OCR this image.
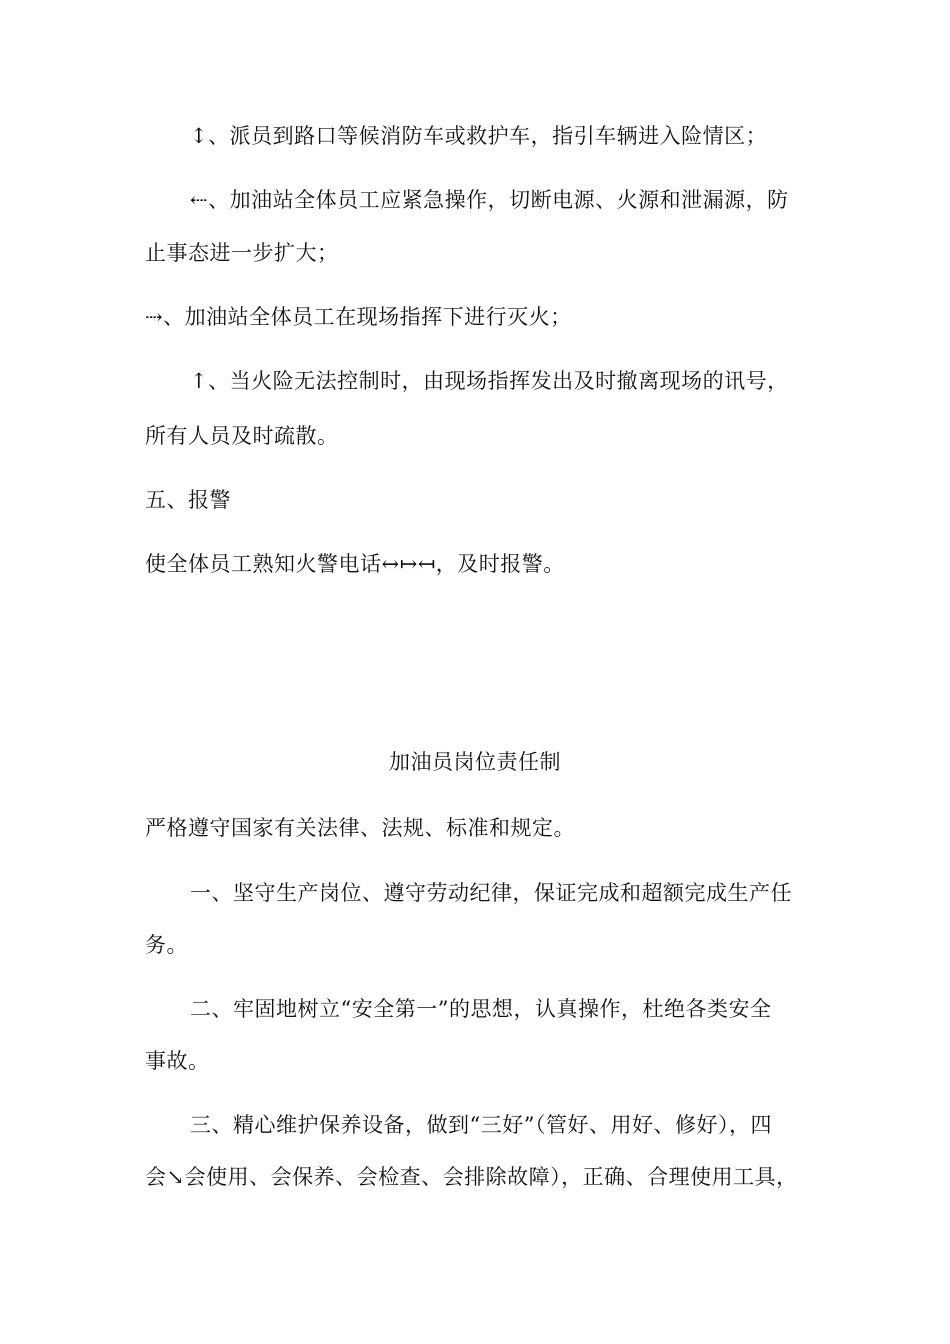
↕、派员到路口等候消防车或救护车，指引车辆进入险情区；
⇠、加油站全体员工应紧急操作，切断电源、火源和泄漏源，防
止事态进一步扩大；
⇢、加油站全体员工在现场指挥下进行灭火；
↑、当火险无法控制时，由现场指挥发出及时撤离现场的讯号，
所有人员及时疏散。
五、报警
使全体员工熟知火警电话↔↦↤，及时报警。
加油员岗位责任制
严格遵守国家有关法律、法规、标准和规定。
一、坚守生产岗位、遵守劳动纪律，保证完成和超额完成生产任
务。
二、牢固地树立“安全第一”的思想，认真操作，杜绝各类安全
事故。
三、精心维护保养设备，做到“三好”（管好、用好、修好），四
会↘会使用、会保养、会检查、会排除故障），正确、合理使用工具，
